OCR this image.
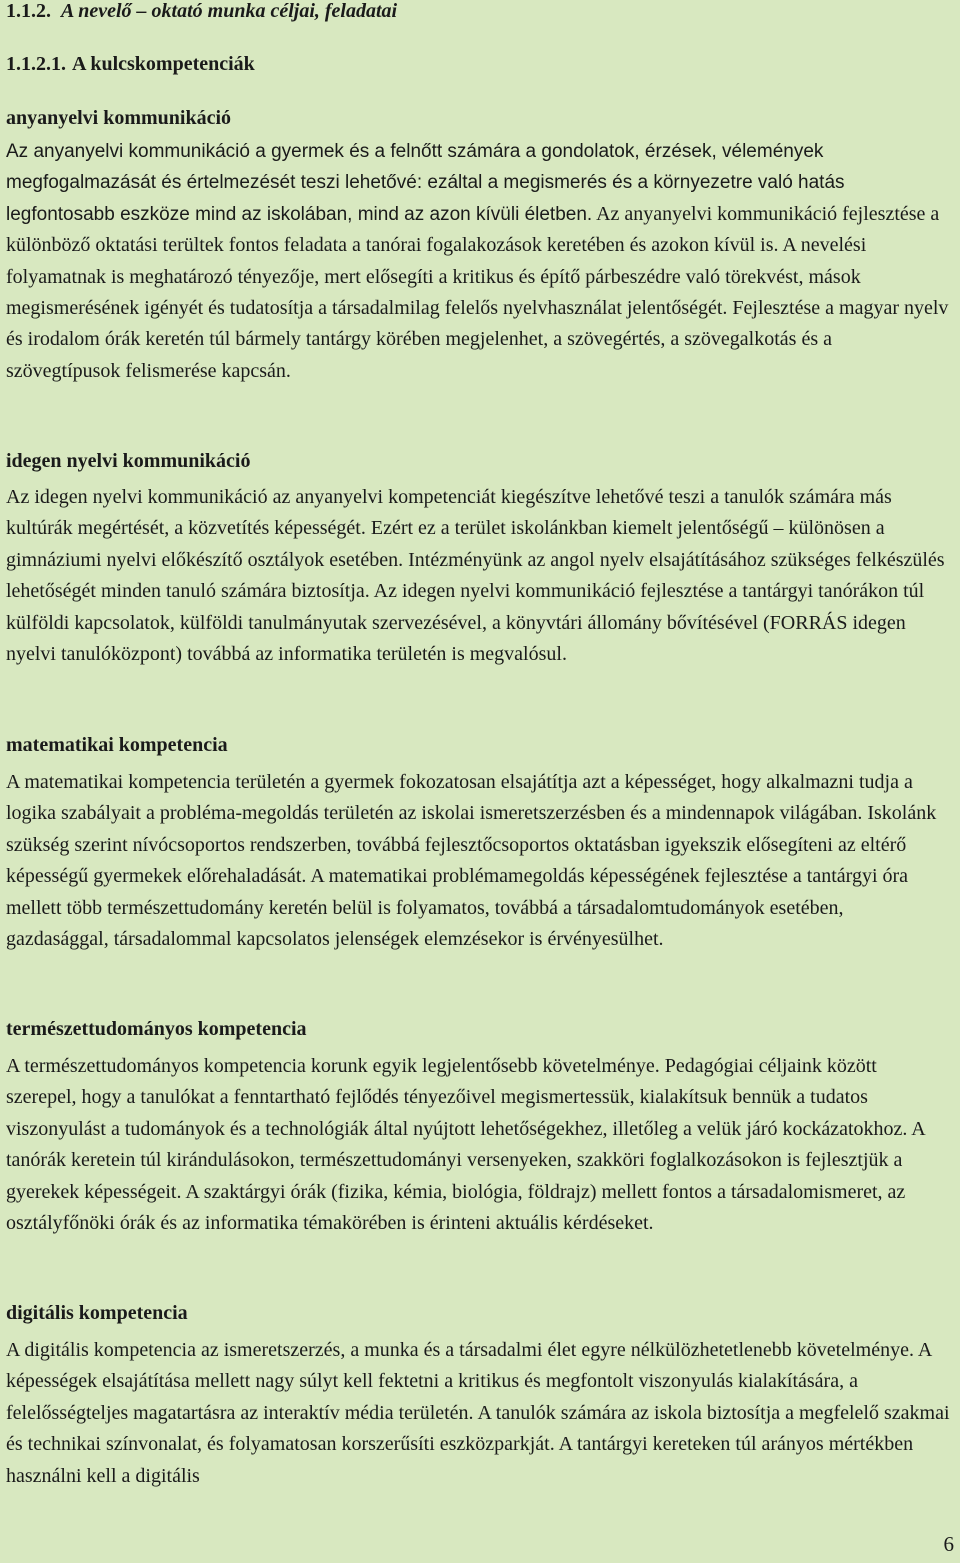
1.1.2. A nevelő – oktató munka céljai, feladatai
1.1.2.1. A kulcskompetenciák
anyanyelvi kommunikáció

Az anyanyelvi kommunikáció a gyermek és a felnőtt számára a gondolatok, érzések, vélemények megfogalmazását és értelmezését teszi lehetővé: ezáltal a megismerés és a környezetre való hatás legfontosabb eszköze mind az iskolában, mind az azon kívüli életben. Az anyanyelvi kommunikáció fejlesztése a különböző oktatási terültek fontos feladata a tanórai fogalakozások keretében és azokon kívül is. A nevelési folyamatnak is meghatározó tényezője, mert elősegíti a kritikus és építő párbeszédre való törekvést, mások megismerésének igényét és tudatosítja a társadalmilag felelős nyelvhasználat jelentőségét. Fejlesztése a magyar nyelv és irodalom órák keretén túl bármely tantárgy körében megjelenhet, a szövegértés, a szövegalkotás és a szövegtípusok felismerése kapcsán.

idegen nyelvi kommunikáció

Az idegen nyelvi kommunikáció az anyanyelvi kompetenciát kiegészítve lehetővé teszi a tanulók számára más kultúrák megértését, a közvetítés képességét. Ezért ez a terület iskolánkban kiemelt jelentőségű – különösen a gimnáziumi nyelvi előkészítő osztályok esetében. Intézményünk az angol nyelv elsajátításához szükséges felkészülés lehetőségét minden tanuló számára biztosítja. Az idegen nyelvi kommunikáció fejlesztése a tantárgyi tanórákon túl külföldi kapcsolatok, külföldi tanulmányutak szervezésével, a könyvtári állomány bővítésével (FORRÁS idegen nyelvi tanulóközpont) továbbá az informatika területén is megvalósul.

matematikai kompetencia

A matematikai kompetencia területén a gyermek fokozatosan elsajátítja azt a képességet, hogy alkalmazni tudja a logika szabályait a probléma-megoldás területén az iskolai ismeretszerzésben és a mindennapok világában. Iskolánk szükség szerint nívócsoportos rendszerben, továbbá fejlesztőcsoportos oktatásban igyekszik elősegíteni az eltérő képességű gyermekek előrehaladását. A matematikai problémamegoldás képességének fejlesztése a tantárgyi óra mellett több természettudomány keretén belül is folyamatos, továbbá a társadalomtudományok esetében, gazdasággal, társadalommal kapcsolatos jelenségek elemzésekor is érvényesülhet.

természettudományos kompetencia

A természettudományos kompetencia korunk egyik legjelentősebb követelménye. Pedagógiai céljaink között szerepel, hogy a tanulókat a fenntartható fejlődés tényezőivel megismertessük, kialakítsuk bennük a tudatos viszonyulást a tudományok és a technológiák által nyújtott lehetőségekhez, illetőleg a velük járó kockázatokhoz. A tanórák keretein túl kirándulásokon, természettudományi versenyeken, szakköri foglalkozásokon is fejlesztjük a gyerekek képességeit. A szaktárgyi órák (fizika, kémia, biológia, földrajz) mellett fontos a társadalomismeret, az osztályfőnöki órák és az informatika témakörében is érinteni aktuális kérdéseket.

digitális kompetencia

A digitális kompetencia az ismeretszerzés, a munka és a társadalmi élet egyre nélkülözhetetlenebb követelménye. A képességek elsajátítása mellett nagy súlyt kell fektetni a kritikus és megfontolt viszonyulás kialakítására, a felelősségteljes magatartásra az interaktív média területén. A tanulók számára az iskola biztosítja a megfelelő szakmai és technikai színvonalat, és folyamatosan korszerűsíti eszközparkját. A tantárgyi kereteken túl arányos mértékben használni kell a digitális

6
